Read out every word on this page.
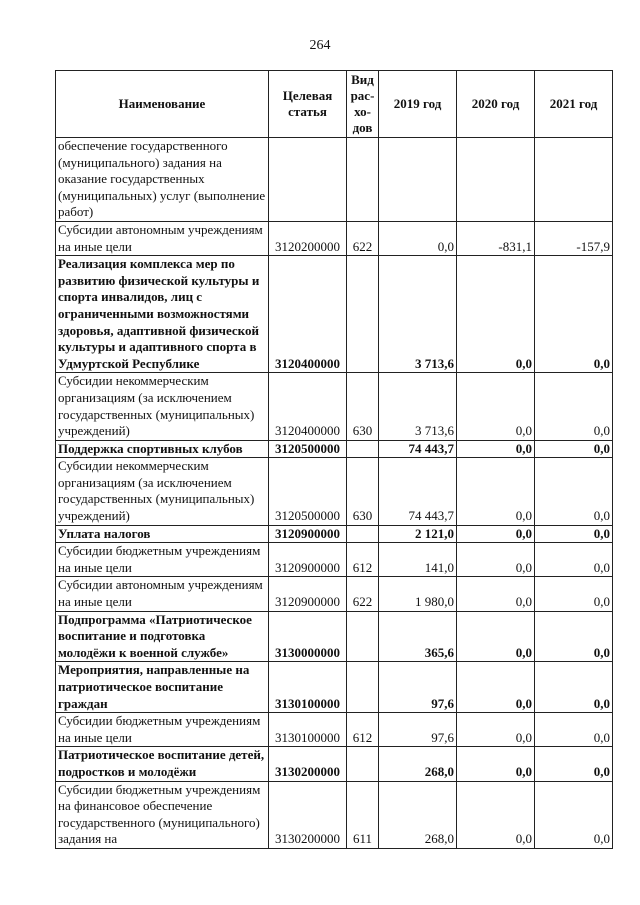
264
Наименование	Целевая статья	Вид рас-хо-дов	2019 год	2020 год	2021 год
обеспечение государственного (муниципального) задания на оказание государственных (муниципальных) услуг (выполнение работ)					
Субсидии автономным учреждениям на иные цели	3120200000	622	0,0	-831,1	-157,9
Реализация комплекса мер по развитию физической культуры и спорта инвалидов, лиц с ограниченными возможностями здоровья, адаптивной физической культуры и адаптивного спорта в Удмуртской Республике	3120400000		3 713,6	0,0	0,0
Субсидии некоммерческим организациям (за исключением государственных (муниципальных) учреждений)	3120400000	630	3 713,6	0,0	0,0
Поддержка спортивных клубов	3120500000		74 443,7	0,0	0,0
Субсидии некоммерческим организациям (за исключением государственных (муниципальных) учреждений)	3120500000	630	74 443,7	0,0	0,0
Уплата налогов	3120900000		2 121,0	0,0	0,0
Субсидии бюджетным учреждениям на иные цели	3120900000	612	141,0	0,0	0,0
Субсидии автономным учреждениям на иные цели	3120900000	622	1 980,0	0,0	0,0
Подпрограмма «Патриотическое воспитание и подготовка молодёжи к военной службе»	3130000000		365,6	0,0	0,0
Мероприятия, направленные на патриотическое воспитание граждан	3130100000		97,6	0,0	0,0
Субсидии бюджетным учреждениям на иные цели	3130100000	612	97,6	0,0	0,0
Патриотическое воспитание детей, подростков и молодёжи	3130200000		268,0	0,0	0,0
Субсидии бюджетным учреждениям на финансовое обеспечение государственного (муниципального) задания на	3130200000	611	268,0	0,0	0,0
